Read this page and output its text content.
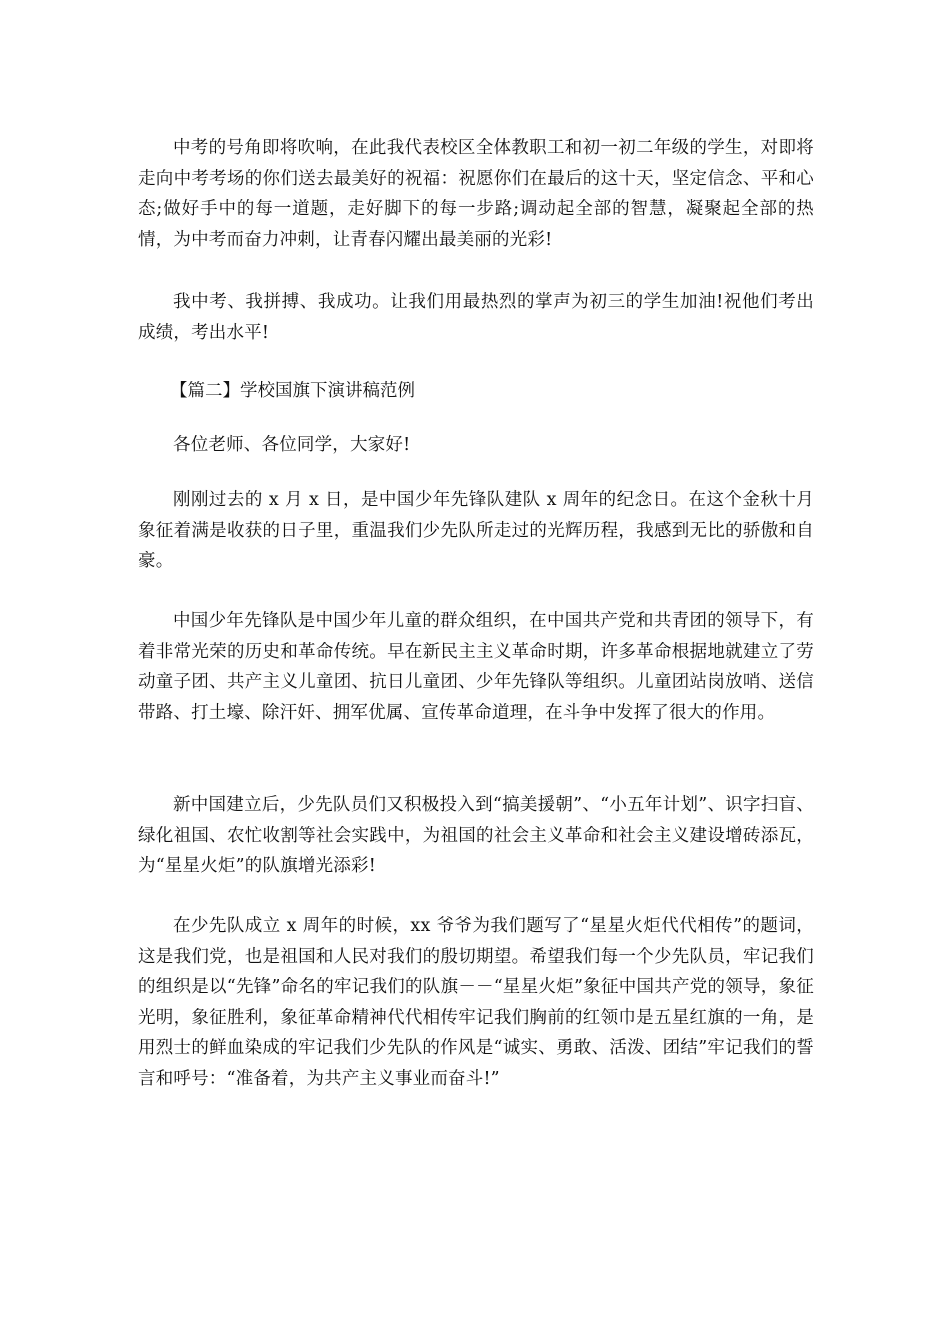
中考的号角即将吹响，在此我代表校区全体教职工和初一初二年级的学生，对即将走向中考考场的你们送去最美好的祝福：祝愿你们在最后的这十天，坚定信念、平和心态;做好手中的每一道题，走好脚下的每一步路;调动起全部的智慧，凝聚起全部的热情，为中考而奋力冲刺，让青春闪耀出最美丽的光彩!

我中考、我拼搏、我成功。让我们用最热烈的掌声为初三的学生加油!祝他们考出成绩，考出水平!

【篇二】学校国旗下演讲稿范例

各位老师、各位同学，大家好!

刚刚过去的 x 月 x 日，是中国少年先锋队建队 x 周年的纪念日。在这个金秋十月象征着满是收获的日子里，重温我们少先队所走过的光辉历程，我感到无比的骄傲和自豪。

中国少年先锋队是中国少年儿童的群众组织，在中国共产党和共青团的领导下，有着非常光荣的历史和革命传统。早在新民主主义革命时期，许多革命根据地就建立了劳动童子团、共产主义儿童团、抗日儿童团、少年先锋队等组织。儿童团站岗放哨、送信带路、打土壕、除汗奸、拥军优属、宣传革命道理，在斗争中发挥了很大的作用。

新中国建立后，少先队员们又积极投入到“搞美援朝”、“小五年计划”、识字扫盲、绿化祖国、农忙收割等社会实践中，为祖国的社会主义革命和社会主义建设增砖添瓦，为“星星火炬”的队旗增光添彩!

在少先队成立 x 周年的时候，xx 爷爷为我们题写了“星星火炬代代相传”的题词，这是我们党，也是祖国和人民对我们的殷切期望。希望我们每一个少先队员，牢记我们的组织是以“先锋”命名的牢记我们的队旗－－“星星火炬”象征中国共产党的领导，象征光明，象征胜利，象征革命精神代代相传牢记我们胸前的红领巾是五星红旗的一角，是用烈士的鲜血染成的牢记我们少先队的作风是“诚实、勇敢、活泼、团结”牢记我们的誓言和呼号：“准备着，为共产主义事业而奋斗!”
